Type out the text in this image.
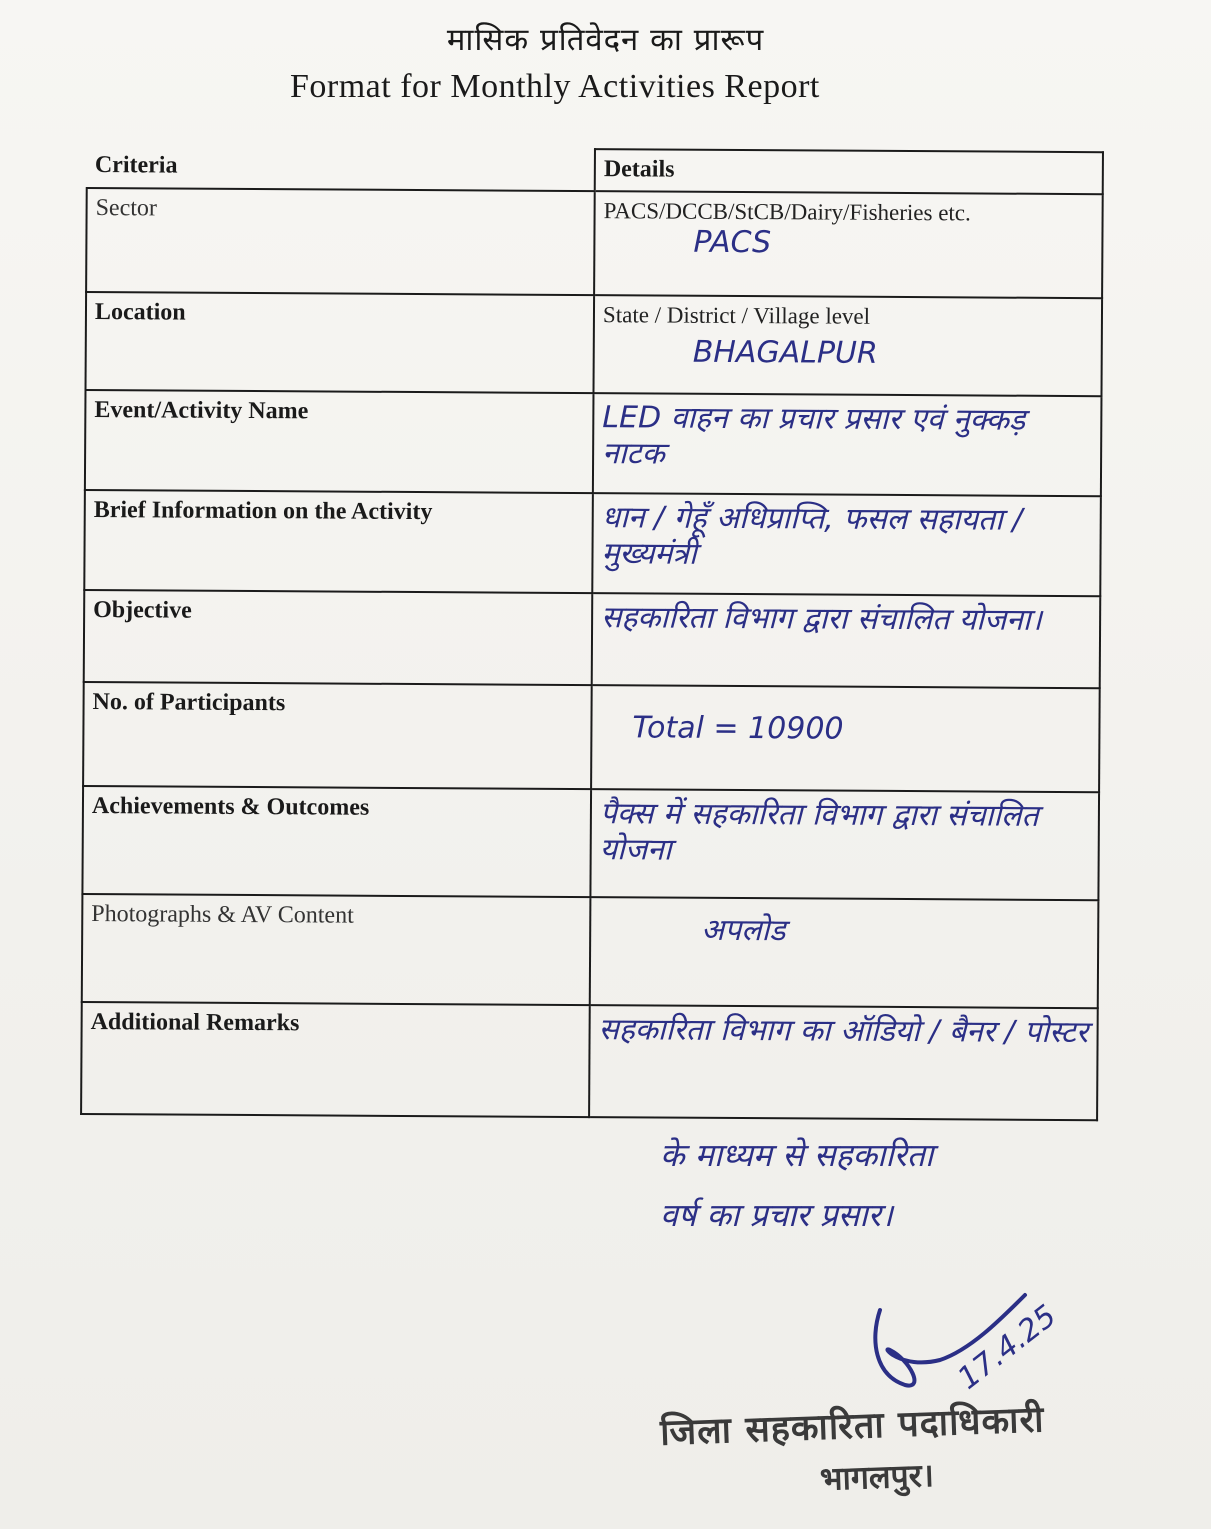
मासिक प्रतिवेदन का प्रारूप
Format for Monthly Activities Report
Criteria	Details
Sector	PACS/DCCB/StCB/Dairy/Fisheries etc.
PACS

Location	State / District / Village level
BHAGALPUR

Event/Activity Name	LED वाहन का प्रचार प्रसार एवं नुक्कड़ नाटक
Brief Information on the Activity	धान / गेहूँ अधिप्राप्ति, फसल सहायता / मुख्यमंत्री
Objective	सहकारिता विभाग द्वारा संचालित योजना।
No. of Participants	Total = 10900
Achievements & Outcomes	पैक्स में सहकारिता विभाग द्वारा संचालित योजना
Photographs & AV Content	अपलोड
Additional Remarks	सहकारिता विभाग का ऑडियो / बैनर / पोस्टर
के माध्यम से सहकारिता
वर्ष का प्रचार प्रसार।
17.4.25
जिला सहकारिता पदाधिकारी
भागलपुर।
